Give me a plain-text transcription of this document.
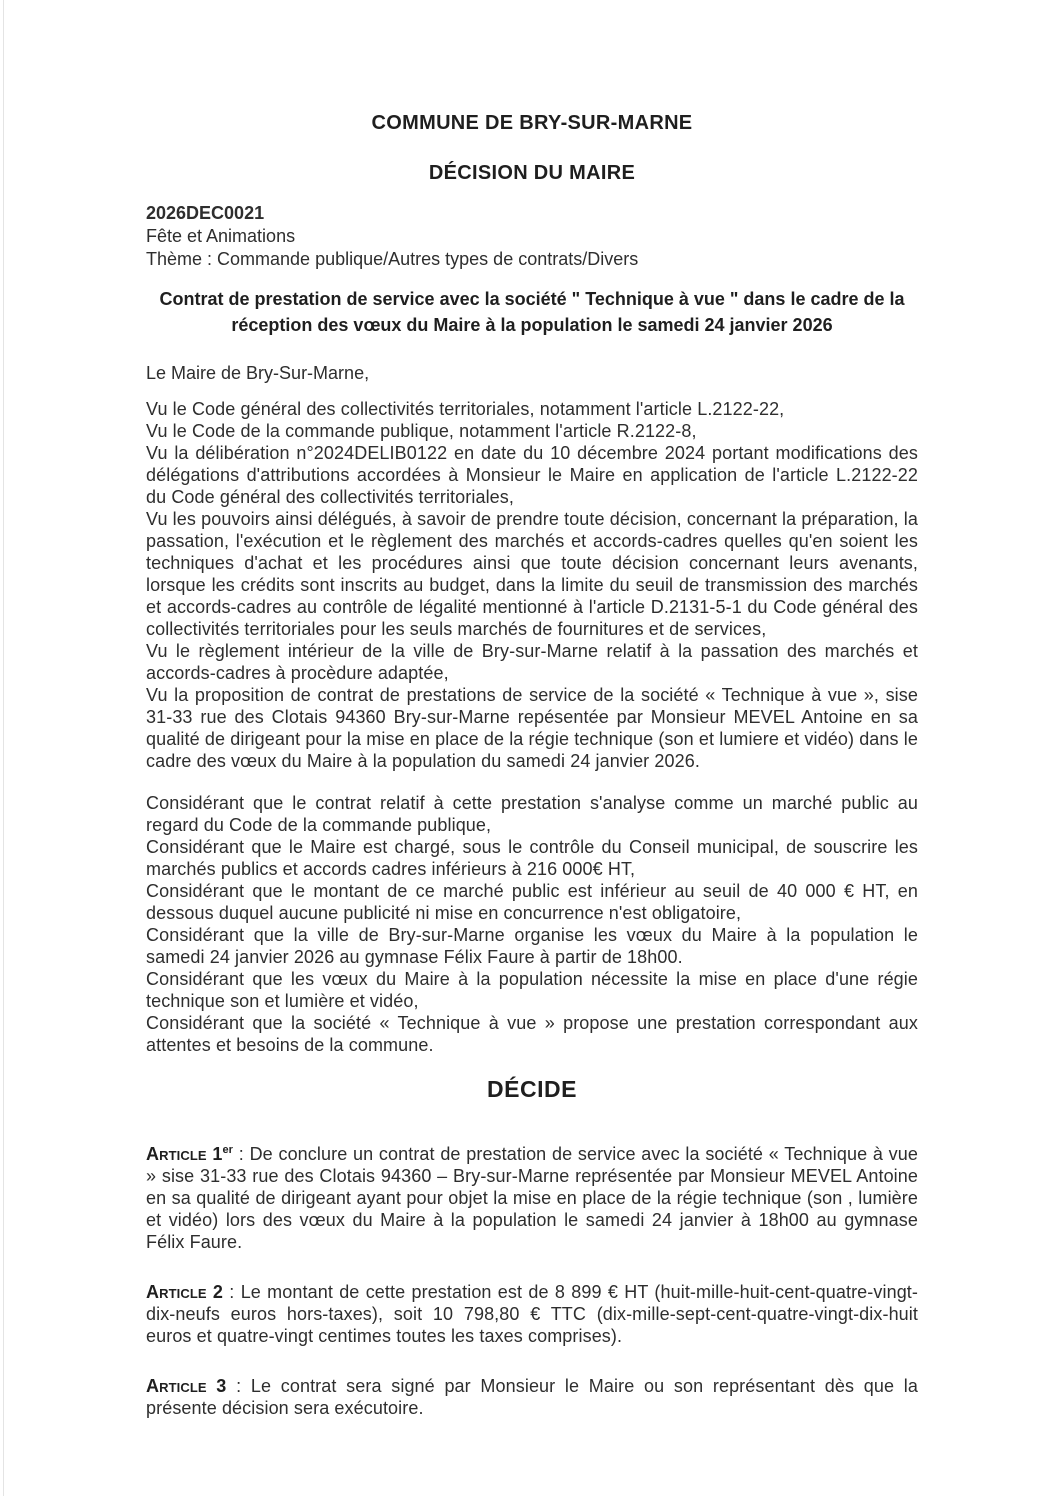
COMMUNE DE BRY-SUR-MARNE
DÉCISION DU MAIRE

2026DEC0021

Fête et Animations

Thème : Commande publique/Autres types de contrats/Divers

Contrat de prestation de service avec la société " Technique à vue " dans le cadre de la réception des vœux du Maire à la population le samedi 24 janvier 2026

Le Maire de Bry-Sur-Marne,

Vu le Code général des collectivités territoriales, notamment l'article L.2122-22,

Vu le Code de la commande publique, notamment l'article R.2122-8,

Vu la délibération n°2024DELIB0122 en date du 10 décembre 2024 portant modifications des délégations d'attributions accordées à Monsieur le Maire en application de l'article L.2122-22 du Code général des collectivités territoriales,

Vu les pouvoirs ainsi délégués, à savoir de prendre toute décision, concernant la préparation, la passation, l'exécution et le règlement des marchés et accords-cadres quelles qu'en soient les techniques d'achat et les procédures ainsi que toute décision concernant leurs avenants, lorsque les crédits sont inscrits au budget, dans la limite du seuil de transmission des marchés et accords-cadres au contrôle de légalité mentionné à l'article D.2131-5-1 du Code général des collectivités territoriales pour les seuls marchés de fournitures et de services,

Vu le règlement intérieur de la ville de Bry-sur-Marne relatif à la passation des marchés et accords-cadres à procèdure adaptée,

Vu la proposition de contrat de prestations de service de la société « Technique à vue », sise 31-33 rue des Clotais 94360 Bry-sur-Marne repésentée par Monsieur MEVEL Antoine en sa qualité de dirigeant pour la mise en place de la régie technique (son et lumiere et vidéo) dans le cadre des vœux du Maire à la population du samedi 24 janvier 2026.

Considérant que le contrat relatif à cette prestation s'analyse comme un marché public au regard du Code de la commande publique,

Considérant que le Maire est chargé, sous le contrôle du Conseil municipal, de souscrire les marchés publics et accords cadres inférieurs à 216 000€ HT,

Considérant que le montant de ce marché public est inférieur au seuil de 40 000 € HT, en dessous duquel aucune publicité ni mise en concurrence n'est obligatoire,

Considérant que la ville de Bry-sur-Marne organise les vœux du Maire à la population le samedi 24 janvier 2026 au gymnase Félix Faure à partir de 18h00.

Considérant que les vœux du Maire à la population nécessite la mise en place d'une régie technique son et lumière et vidéo,

Considérant que la société « Technique à vue » propose une prestation correspondant aux attentes et besoins de la commune.

DÉCIDE

Article 1er : De conclure un contrat de prestation de service avec la société « Technique à vue » sise 31-33 rue des Clotais 94360 – Bry-sur-Marne représentée par Monsieur MEVEL Antoine en sa qualité de dirigeant ayant pour objet la mise en place de la régie technique (son , lumière et vidéo) lors des vœux du Maire à la population le samedi 24 janvier à 18h00 au gymnase Félix Faure.

Article 2 : Le montant de cette prestation est de 8 899 € HT (huit-mille-huit-cent-quatre-vingt-dix-neufs euros hors-taxes), soit 10 798,80 € TTC (dix-mille-sept-cent-quatre-vingt-dix-huit euros et quatre-vingt centimes toutes les taxes comprises).

Article 3 : Le contrat sera signé par Monsieur le Maire ou son représentant dès que la présente décision sera exécutoire.
